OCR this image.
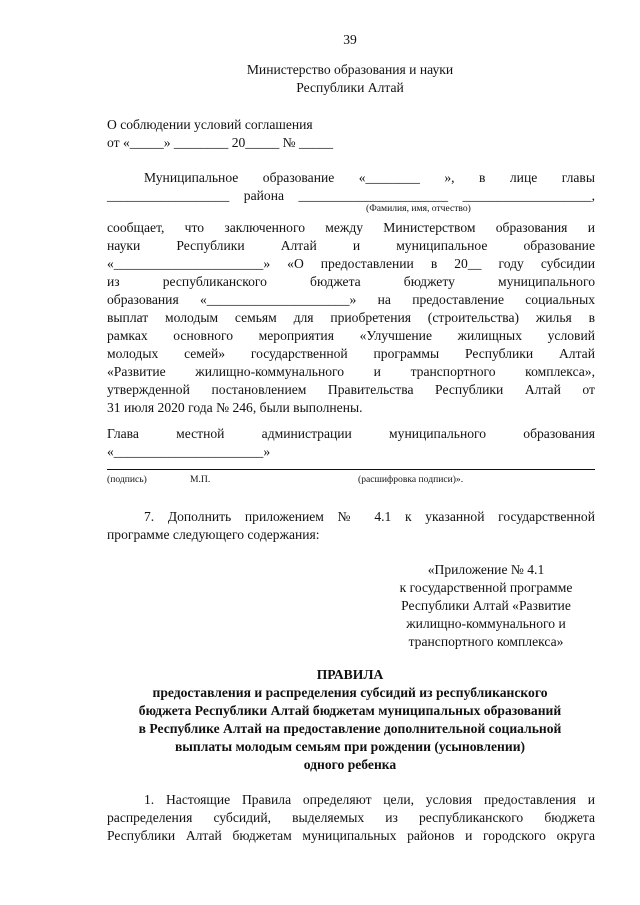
39
Министерство образования и науки
Республики Алтай
О соблюдении условий соглашения
от «_____» ________ 20_____ № _____
Муниципальное образование «________ », в лице главы
__________________ района ______________________ ___________________,
(Фамилия, имя, отчество)
сообщает, что заключенного между Министерством образования и
науки Республики Алтай и муниципальное образование
«______________________» «О предоставлении в 20__ году субсидии
из республиканского бюджета бюджету муниципального
образования «_____________________» на предоставление социальных
выплат молодым семьям для приобретения (строительства) жилья в
рамках основного мероприятия «Улучшение жилищных условий
молодых семей» государственной программы Республики Алтай
«Развитие жилищно-коммунального и транспортного комплекса»,
утвержденной постановлением Правительства Республики Алтай от
31 июля 2020 года № 246, были выполнены.
Глава местной администрации муниципального образования
«______________________»
(подпись)	М.П.	(расшифровка подписи)».
7. Дополнить приложением № 4.1 к указанной государственной
программе следующего содержания:
«Приложение № 4.1
к государственной программе
Республики Алтай «Развитие
жилищно-коммунального и
транспортного комплекса»
ПРАВИЛА
предоставления и распределения субсидий из республиканского
бюджета Республики Алтай бюджетам муниципальных образований
в Республике Алтай на предоставление дополнительной социальной
выплаты молодым семьям при рождении (усыновлении)
одного ребенка
1. Настоящие Правила определяют цели, условия предоставления и
распределения субсидий, выделяемых из республиканского бюджета
Республики Алтай бюджетам муниципальных районов и городского округа
